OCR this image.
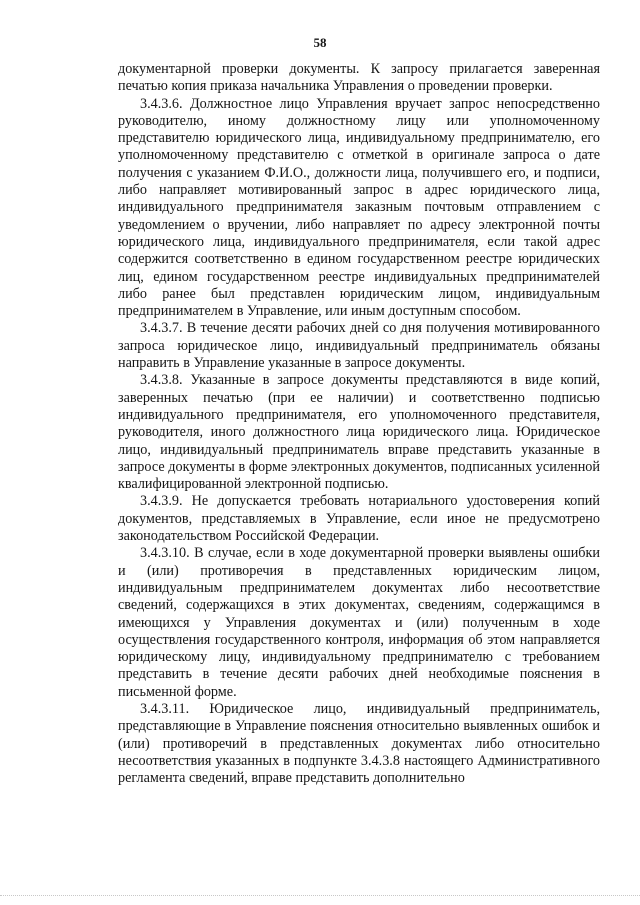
58

документарной проверки документы. К запросу прилагается заверенная печатью копия приказа начальника Управления о проведении проверки.

3.4.3.6. Должностное лицо Управления вручает запрос непосредственно руководителю, иному должностному лицу или уполномоченному представителю юридического лица, индивидуальному предпринимателю, его уполномоченному представителю с отметкой в оригинале запроса о дате получения с указанием Ф.И.О., должности лица, получившего его, и подписи, либо направляет мотивированный запрос в адрес юридического лица, индивидуального предпринимателя заказным почтовым отправлением с уведомлением о вручении, либо направляет по адресу электронной почты юридического лица, индивидуального предпринимателя, если такой адрес содержится соответственно в едином государственном реестре юридических лиц, едином государственном реестре индивидуальных предпринимателей либо ранее был представлен юридическим лицом, индивидуальным предпринимателем в Управление, или иным доступным способом.

3.4.3.7. В течение десяти рабочих дней со дня получения мотивированного запроса юридическое лицо, индивидуальный предприниматель обязаны направить в Управление указанные в запросе документы.

3.4.3.8. Указанные в запросе документы представляются в виде копий, заверенных печатью (при ее наличии) и соответственно подписью индивидуального предпринимателя, его уполномоченного представителя, руководителя, иного должностного лица юридического лица. Юридическое лицо, индивидуальный предприниматель вправе представить указанные в запросе документы в форме электронных документов, подписанных усиленной квалифицированной электронной подписью.

3.4.3.9. Не допускается требовать нотариального удостоверения копий документов, представляемых в Управление, если иное не предусмотрено законодательством Российской Федерации.

3.4.3.10. В случае, если в ходе документарной проверки выявлены ошибки и (или) противоречия в представленных юридическим лицом, индивидуальным предпринимателем документах либо несоответствие сведений, содержащихся в этих документах, сведениям, содержащимся в имеющихся у Управления документах и (или) полученным в ходе осуществления государственного контроля, информация об этом направляется юридическому лицу, индивидуальному предпринимателю с требованием представить в течение десяти рабочих дней необходимые пояснения в письменной форме.

3.4.3.11. Юридическое лицо, индивидуальный предприниматель, представляющие в Управление пояснения относительно выявленных ошибок и (или) противоречий в представленных документах либо относительно несоответствия указанных в подпункте 3.4.3.8 настоящего Административного регламента сведений, вправе представить дополнительно
